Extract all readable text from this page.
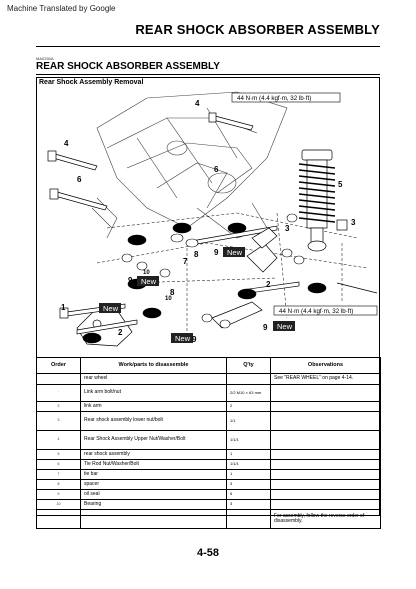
Machine Translated by Google
REAR SHOCK ABSORBER ASSEMBLY
MA0250A
REAR SHOCK ABSORBER ASSEMBLY
Rear Shock Assembly Removal
44 N·m (4.4 kgf·m, 32 lb·ft)
44 N·m (4.4 kgf·m, 32 lb·ft)
New
New
New
New
New
4
4
6
6
5
3
3
7
8 9
9
9
9
10
10
8
1
2
2
Order	Work/parts to disassemble	Q'ty	Observations
	rear wheel		See "REAR WHEEL" on page 4-14.
·	Link arm bolt/nut	2/2 M10 × 63 mm	
2	link arm	2	
3	Rear shock assembly lower nut/bolt	1/1	
4	Rear Shock Assembly Upper Nut/Washer/Bolt	1/1/1	
5	rear shock assembly	1	
6	Tie Rod Nut/Washer/Bolt	1/1/1	
7	tie bar	1	
8	spacer	3	
9	oil seal	6	
10	Bearing	3	
			For assembly, follow the reverse order of disassembly.
4-58
